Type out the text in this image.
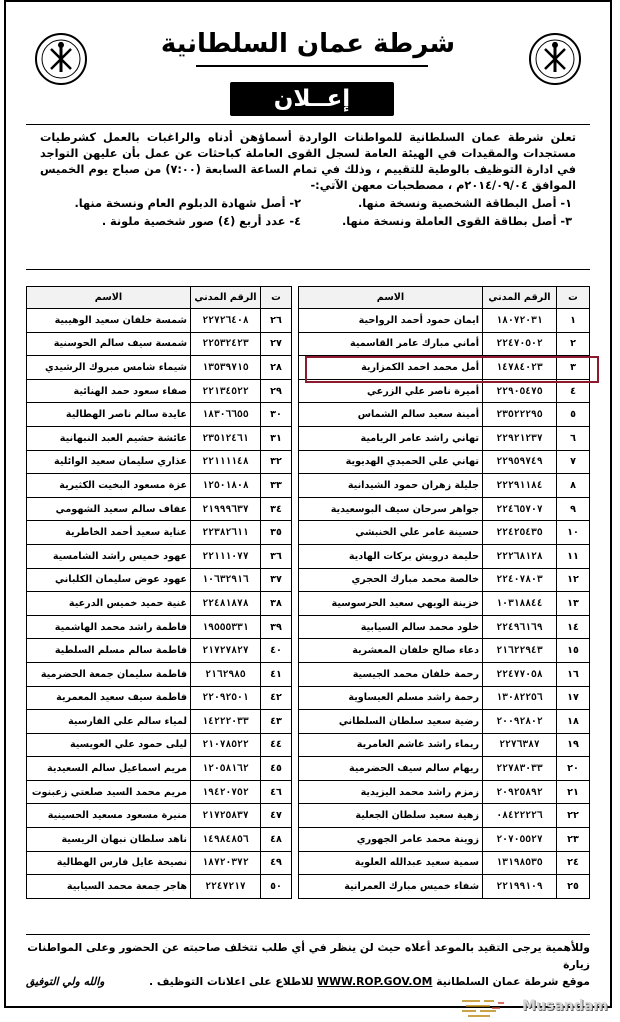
شرطة عمان السلطانية
إعــلان
تعلن شرطة عمان السلطانية للمواطنات الواردة أسماؤهن أدناه والراغبات بالعمل كشرطيات مستجدات والمقيدات في الهيئة العامة لسجل القوى العاملة كباحثات عن عمل بأن عليهن التواجد في ادارة التوظيف بالوطية للتقييم ، وذلك في تمام الساعة السابعة (٧:٠٠) من صباح يوم الخميس الموافق ٢٠١٤/٠٩/٠٤م ، مصطحبات معهن الآتي:-
١- أصل البطاقة الشخصية ونسخة منها.
٢- أصل شهادة الدبلوم العام ونسخة منها.
٣- أصل بطاقة القوى العاملة ونسخة منها.
٤- عدد أربع (٤) صور شخصية ملونة .
ت	الرقم المدني	الاسم
١	١٨٠٧٢٠٣١	ايمان حمود أحمد الرواحية
٢	٢٢٤٧٠٥٠٢	أماني مبارك عامر القاسمية
٣	١٤٧٨٤٠٢٣	أمل محمد احمد الكمزارية
٤	٢٢٩٠٥٤٧٥	أميرة ناصر علي الزرعي
٥	٢٣٥٢٢٢٩٥	أمينة سعيد سالم الشماس
٦	٢٢٩٢١٢٣٧	تهاني راشد عامر الريامية
٧	٢٢٩٥٩٧٤٩	تهاني علي الحميدي الهديوية
٨	٢٢٢٩١١٨٤	جليلة زهران حمود الشيدانية
٩	٢٢٤٦٥٧٠٧	جواهر سرحان سيف البوسعيدية
١٠	٢٢٤٢٥٤٣٥	حسينة عامر علي الخنبشي
١١	٢٢٢٦٨١٢٨	حليمة درويش بركات الهادية
١٢	٢٢٤٠٧٨٠٣	خالصة محمد مبارك الحجري
١٣	١٠٣١٨٨٤٤	خزينة الويهي سعيد الحرسوسية
١٤	٢٢٤٩٦١٦٩	خلود محمد سالم السيابية
١٥	٢١٦٢٢٩٤٣	دعاء صالح خلفان المعشرية
١٦	٢٢٤٧٧٠٥٨	رحمة خلفان محمد الجيسية
١٧	١٣٠٨٢٢٥٦	رحمة راشد مسلم العيساوية
١٨	٢٠٠٩٢٨٠٢	رضية سعيد سلطان السلطاني
١٩	٢٢٧٦٣٨٧	ريماء راشد غاشم العامرية
٢٠	٢٢٧٨٣٠٣٣	ريهام سالم سيف الحضرمية
٢١	٢٠٩٢٥٨٩٢	زمزم راشد محمد اليزيدية
٢٢	٠٨٤٢٢٢٢٦	زهية سعيد سلطان الجعلية
٢٣	٢٠٧٠٥٥٢٧	زوينة محمد عامر الجهوري
٢٤	١٣١٩٨٥٣٥	سمية سعيد عبدالله العلوية
٢٥	٢٢١٩٩١٠٩	شفاء خميس مبارك العمرانية
ت	الرقم المدني	الاسم
٢٦	٢٢٧٢٦٤٠٨	شمسة خلفان سعيد الوهيبية
٢٧	٢٢٥٣٢٤٢٣	شمسة سيف سالم الحوسنية
٢٨	١٣٥٣٩٧١٥	شيماء شامس مبروك الرشيدي
٢٩	٢٢١٣٤٥٢٢	صفاء سعود حمد الهنائية
٣٠	١٨٣٠٦٦٥٥	عايدة سالم ناصر الهطالية
٣١	٢٣٥١٢٤٦١	عائشة حشيم العبد النبهانية
٣٢	٢٢١١١١٤٨	عذاري سليمان سعيد الوائلية
٣٣	١٢٥٠١٨٠٨	عزة مسعود البخيت الكثيرية
٣٤	٢١٩٩٩٦٣٧	عفاف سالم سعيد الشهومي
٣٥	٢٢٣٨٢٦١١	عناية سعيد أحمد الخاطرية
٣٦	٢٢١١١٠٧٧	عهود خميس راشد الشامسية
٣٧	١٠٦٣٢٩١٦	عهود عوض سليمان الكلباني
٣٨	٢٢٤٨١٨٧٨	غنية حميد خميس الدرعية
٣٩	١٩٥٥٥٣٣١	فاطمة راشد محمد الهاشمية
٤٠	٢١٧٢٧٨٢٧	فاطمة سالم مسلم السلطية
٤١	٢١٦٢٩٨٥	فاطمة سليمان جمعة الحضرمية
٤٢	٢٢٠٩٢٥٠١	فاطمة سيف سعيد المعمرية
٤٣	١٤٢٢٢٠٣٣	لمياء سالم علي الفارسية
٤٤	٢١٠٧٨٥٢٢	ليلى حمود علي العويسية
٤٥	١٢٠٥٨١٦٢	مريم اسماعيل سالم السعيدية
٤٦	١٩٤٢٠٧٥٢	مريم محمد السيد صلعتي زعبنوت
٤٧	٢١٧٢٥٨٣٧	منيرة مسعود مسعيد الحسينية
٤٨	١٤٩٨٤٨٥٦	ناهد سلطان نبهان الريسية
٤٩	١٨٧٢٠٣٧٢	نصيحة عايل فارس الهطالية
٥٠	٢٢٤٧٢١٧	هاجر جمعة محمد السيابية
وللأهمية يرجى التقيد بالموعد أعلاه حيث لن ينظر في أي طلب تتخلف صاحبته عن الحضور وعلى المواطنات زيارة
موقع شرطة عمان السلطانية WWW.ROP.GOV.OM للاطلاع على اعلانات التوظيف .
والله ولي التوفيق
Musandam
